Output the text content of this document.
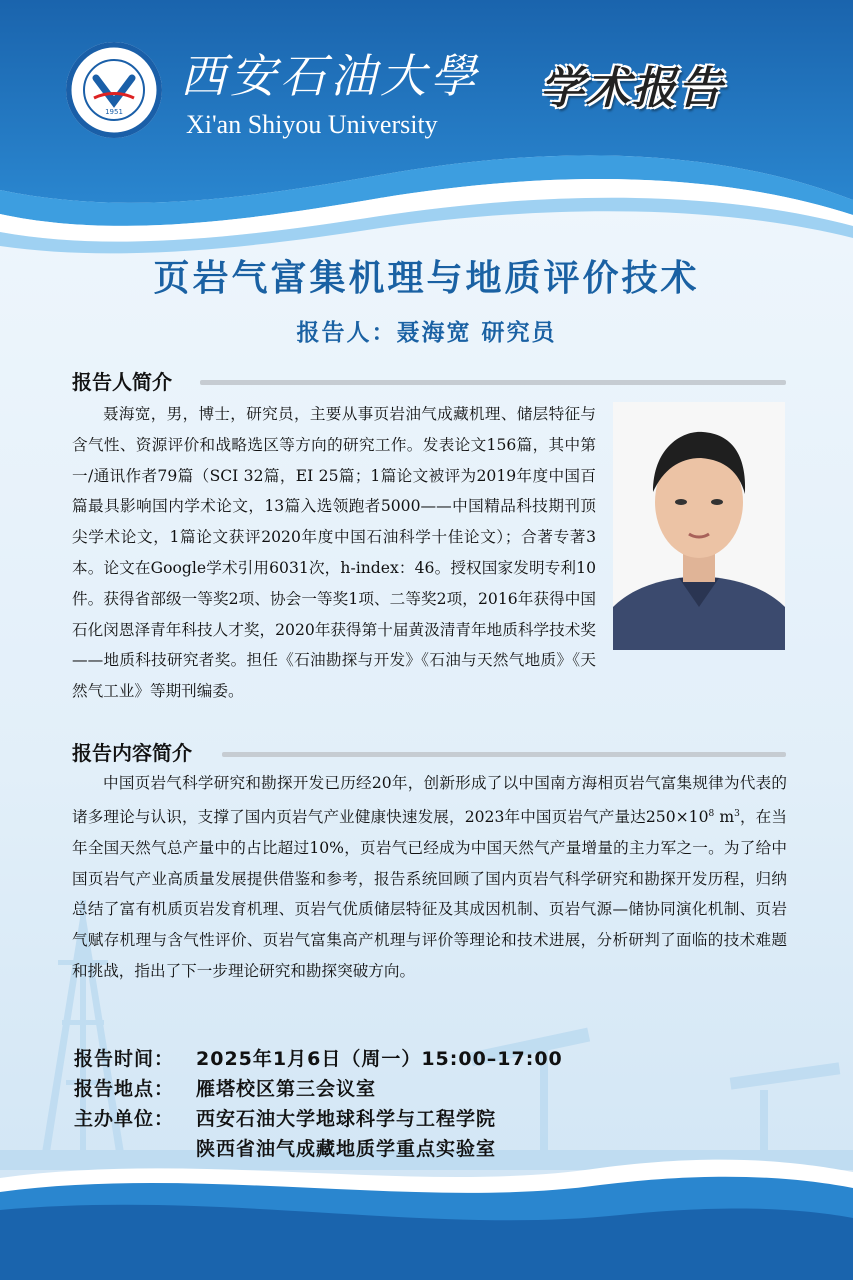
1951
西安石油大學
Xi'an Shiyou University
学术报告
页岩气富集机理与地质评价技术
报告人：聂海宽 研究员
报告人简介
聂海宽，男，博士，研究员，主要从事页岩油气成藏机理、储层特征与含气性、资源评价和战略选区等方向的研究工作。发表论文156篇，其中第一/通讯作者79篇（SCI 32篇，EI 25篇；1篇论文被评为2019年度中国百篇最具影响国内学术论文，13篇入选领跑者5000——中国精品科技期刊顶尖学术论文，1篇论文获评2020年度中国石油科学十佳论文）；合著专著3本。论文在Google学术引用6031次，h-index：46。授权国家发明专利10件。获得省部级一等奖2项、协会一等奖1项、二等奖2项，2016年获得中国石化闵恩泽青年科技人才奖，2020年获得第十届黄汲清青年地质科学技术奖——地质科技研究者奖。担任《石油勘探与开发》《石油与天然气地质》《天然气工业》等期刊编委。
报告内容简介
中国页岩气科学研究和勘探开发已历经20年，创新形成了以中国南方海相页岩气富集规律为代表的诸多理论与认识，支撑了国内页岩气产业健康快速发展，2023年中国页岩气产量达$250\times 10^8$ $m^3$，在当年全国天然气总产量中的占比超过10%，页岩气已经成为中国天然气产量增量的主力军之一。为了给中国页岩气产业高质量发展提供借鉴和参考，报告系统回顾了国内页岩气科学研究和勘探开发历程，归纳总结了富有机质页岩发育机理、页岩气优质储层特征及其成因机制、页岩气源—储协同演化机制、页岩气赋存机理与含气性评价、页岩气富集高产机理与评价等理论和技术进展，分析研判了面临的技术难题和挑战，指出了下一步理论研究和勘探突破方向。
报告时间： 2025年1月6日（周一）15:00–17:00
报告地点： 雁塔校区第三会议室
主办单位： 西安石油大学地球科学与工程学院
陕西省油气成藏地质学重点实验室
